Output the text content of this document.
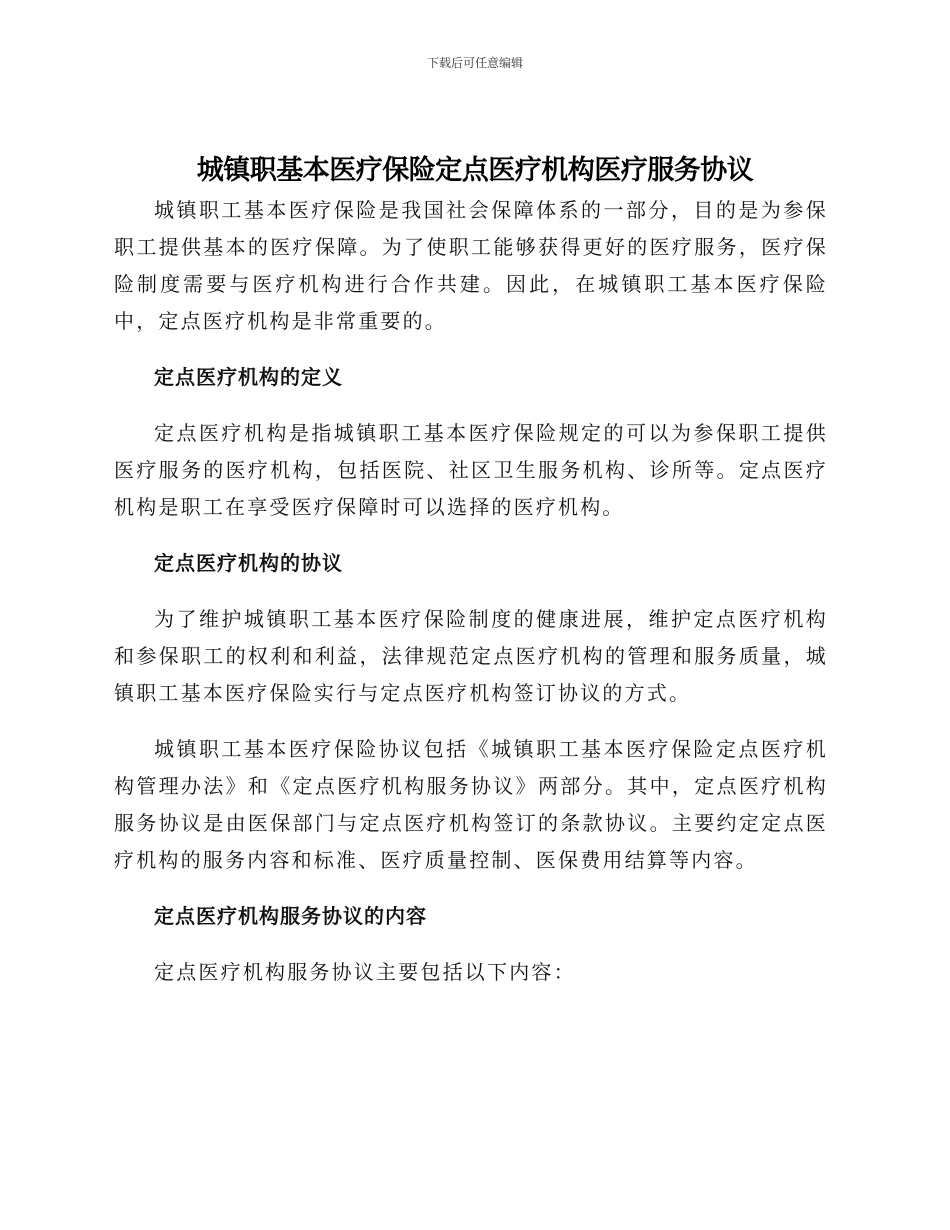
下载后可任意编辑
城镇职基本医疗保险定点医疗机构医疗服务协议

城镇职工基本医疗保险是我国社会保障体系的一部分，目的是为参保职工提供基本的医疗保障。为了使职工能够获得更好的医疗服务，医疗保险制度需要与医疗机构进行合作共建。因此，在城镇职工基本医疗保险中，定点医疗机构是非常重要的。

定点医疗机构的定义

定点医疗机构是指城镇职工基本医疗保险规定的可以为参保职工提供医疗服务的医疗机构，包括医院、社区卫生服务机构、诊所等。定点医疗机构是职工在享受医疗保障时可以选择的医疗机构。

定点医疗机构的协议

为了维护城镇职工基本医疗保险制度的健康进展，维护定点医疗机构和参保职工的权利和利益，法律规范定点医疗机构的管理和服务质量，城镇职工基本医疗保险实行与定点医疗机构签订协议的方式。

城镇职工基本医疗保险协议包括《城镇职工基本医疗保险定点医疗机构管理办法》和《定点医疗机构服务协议》两部分。其中，定点医疗机构服务协议是由医保部门与定点医疗机构签订的条款协议。主要约定定点医疗机构的服务内容和标准、医疗质量控制、医保费用结算等内容。

定点医疗机构服务协议的内容

定点医疗机构服务协议主要包括以下内容：
